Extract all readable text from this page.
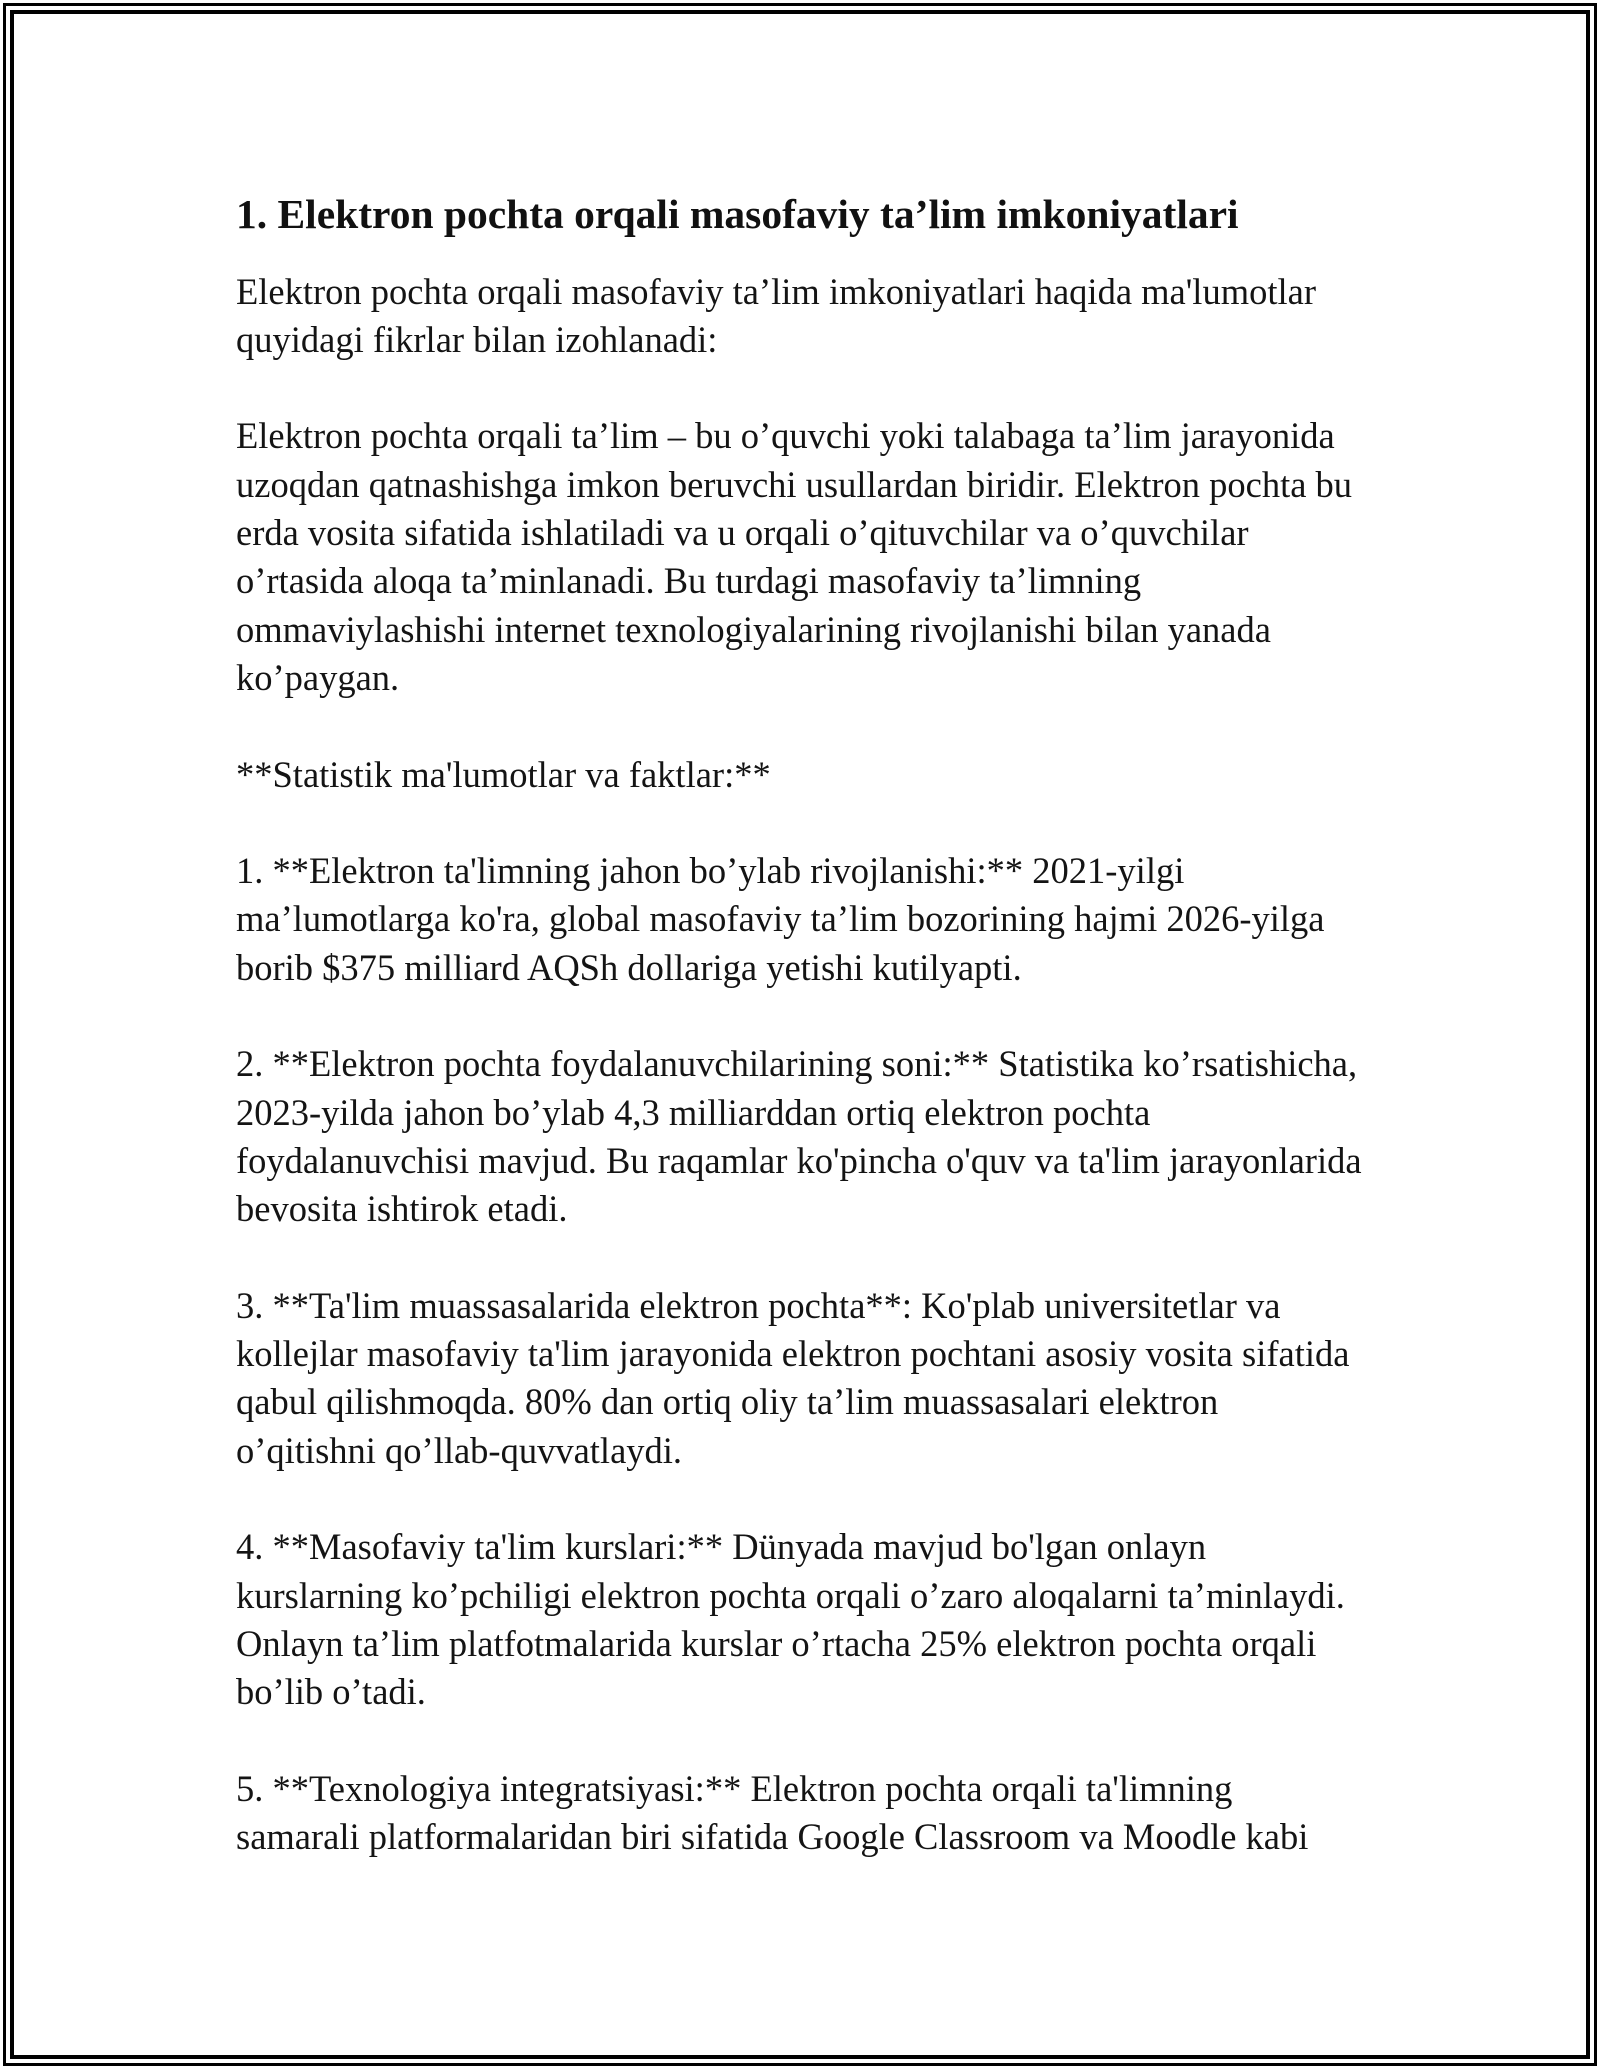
1. Elektron pochta orqali masofaviy ta’lim imkoniyatlari
Elektron pochta orqali masofaviy ta’lim imkoniyatlari haqida ma'lumotlar
quyidagi fikrlar bilan izohlanadi:
Elektron pochta orqali ta’lim – bu o’quvchi yoki talabaga ta’lim jarayonida
uzoqdan qatnashishga imkon beruvchi usullardan biridir. Elektron pochta bu
erda vosita sifatida ishlatiladi va u orqali o’qituvchilar va o’quvchilar
o’rtasida aloqa ta’minlanadi. Bu turdagi masofaviy ta’limning
ommaviylashishi internet texnologiyalarining rivojlanishi bilan yanada
ko’paygan.
**Statistik ma'lumotlar va faktlar:**
1. **Elektron ta'limning jahon bo’ylab rivojlanishi:** 2021-yilgi
ma’lumotlarga ko'ra, global masofaviy ta’lim bozorining hajmi 2026-yilga
borib $375 milliard AQSh dollariga yetishi kutilyapti.
2. **Elektron pochta foydalanuvchilarining soni:** Statistika ko’rsatishicha,
2023-yilda jahon bo’ylab 4,3 milliarddan ortiq elektron pochta
foydalanuvchisi mavjud. Bu raqamlar ko'pincha o'quv va ta'lim jarayonlarida
bevosita ishtirok etadi.
3. **Ta'lim muassasalarida elektron pochta**: Ko'plab universitetlar va
kollejlar masofaviy ta'lim jarayonida elektron pochtani asosiy vosita sifatida
qabul qilishmoqda. 80% dan ortiq oliy ta’lim muassasalari elektron
o’qitishni qo’llab-quvvatlaydi.
4. **Masofaviy ta'lim kurslari:** Dünyada mavjud bo'lgan onlayn
kurslarning ko’pchiligi elektron pochta orqali o’zaro aloqalarni ta’minlaydi.
Onlayn ta’lim platfotmalarida kurslar o’rtacha 25% elektron pochta orqali
bo’lib o’tadi.
5. **Texnologiya integratsiyasi:** Elektron pochta orqali ta'limning
samarali platformalaridan biri sifatida Google Classroom va Moodle kabi
